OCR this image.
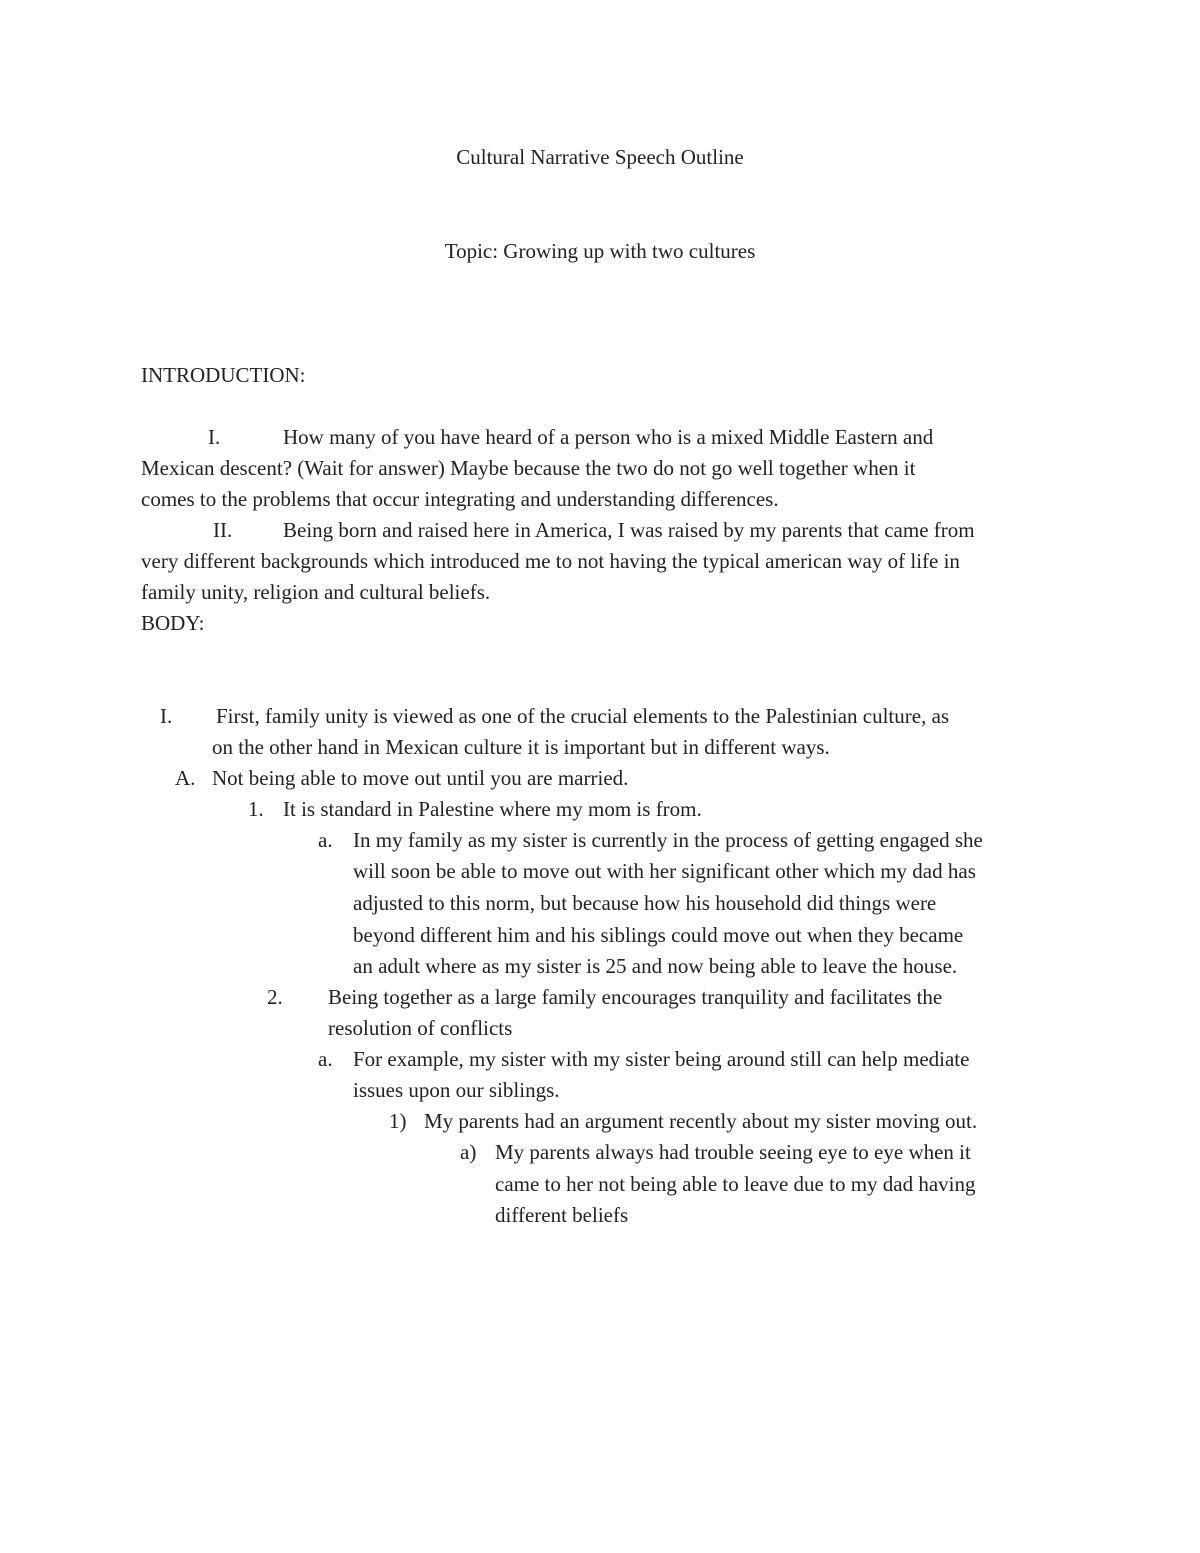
Cultural Narrative Speech Outline
Topic: Growing up with two cultures
INTRODUCTION:
I.	How many of you have heard of a person who is a mixed Middle Eastern and
Mexican descent? (Wait for answer) Maybe because the two do not go well together when it
comes to the problems that occur integrating and understanding differences.
II. Being born and raised here in America, I was raised by my parents that came from
very different backgrounds which introduced me to not having the typical american way of life in
family unity, religion and cultural beliefs.
BODY:
I. First, family unity is viewed as one of the crucial elements to the Palestinian culture, as
on the other hand in Mexican culture it is important but in different ways.
A. Not being able to move out until you are married.
1. It is standard in Palestine where my mom is from.
a. In my family as my sister is currently in the process of getting engaged she
will soon be able to move out with her significant other which my dad has
adjusted to this norm, but because how his household did things were
beyond different him and his siblings could move out when they became
an adult where as my sister is 25 and now being able to leave the house.
2. Being together as a large family encourages tranquility and facilitates the
resolution of conflicts
a. For example, my sister with my sister being around still can help mediate
issues upon our siblings.
1) My parents had an argument recently about my sister moving out.
a) My parents always had trouble seeing eye to eye when it
came to her not being able to leave due to my dad having
different beliefs
